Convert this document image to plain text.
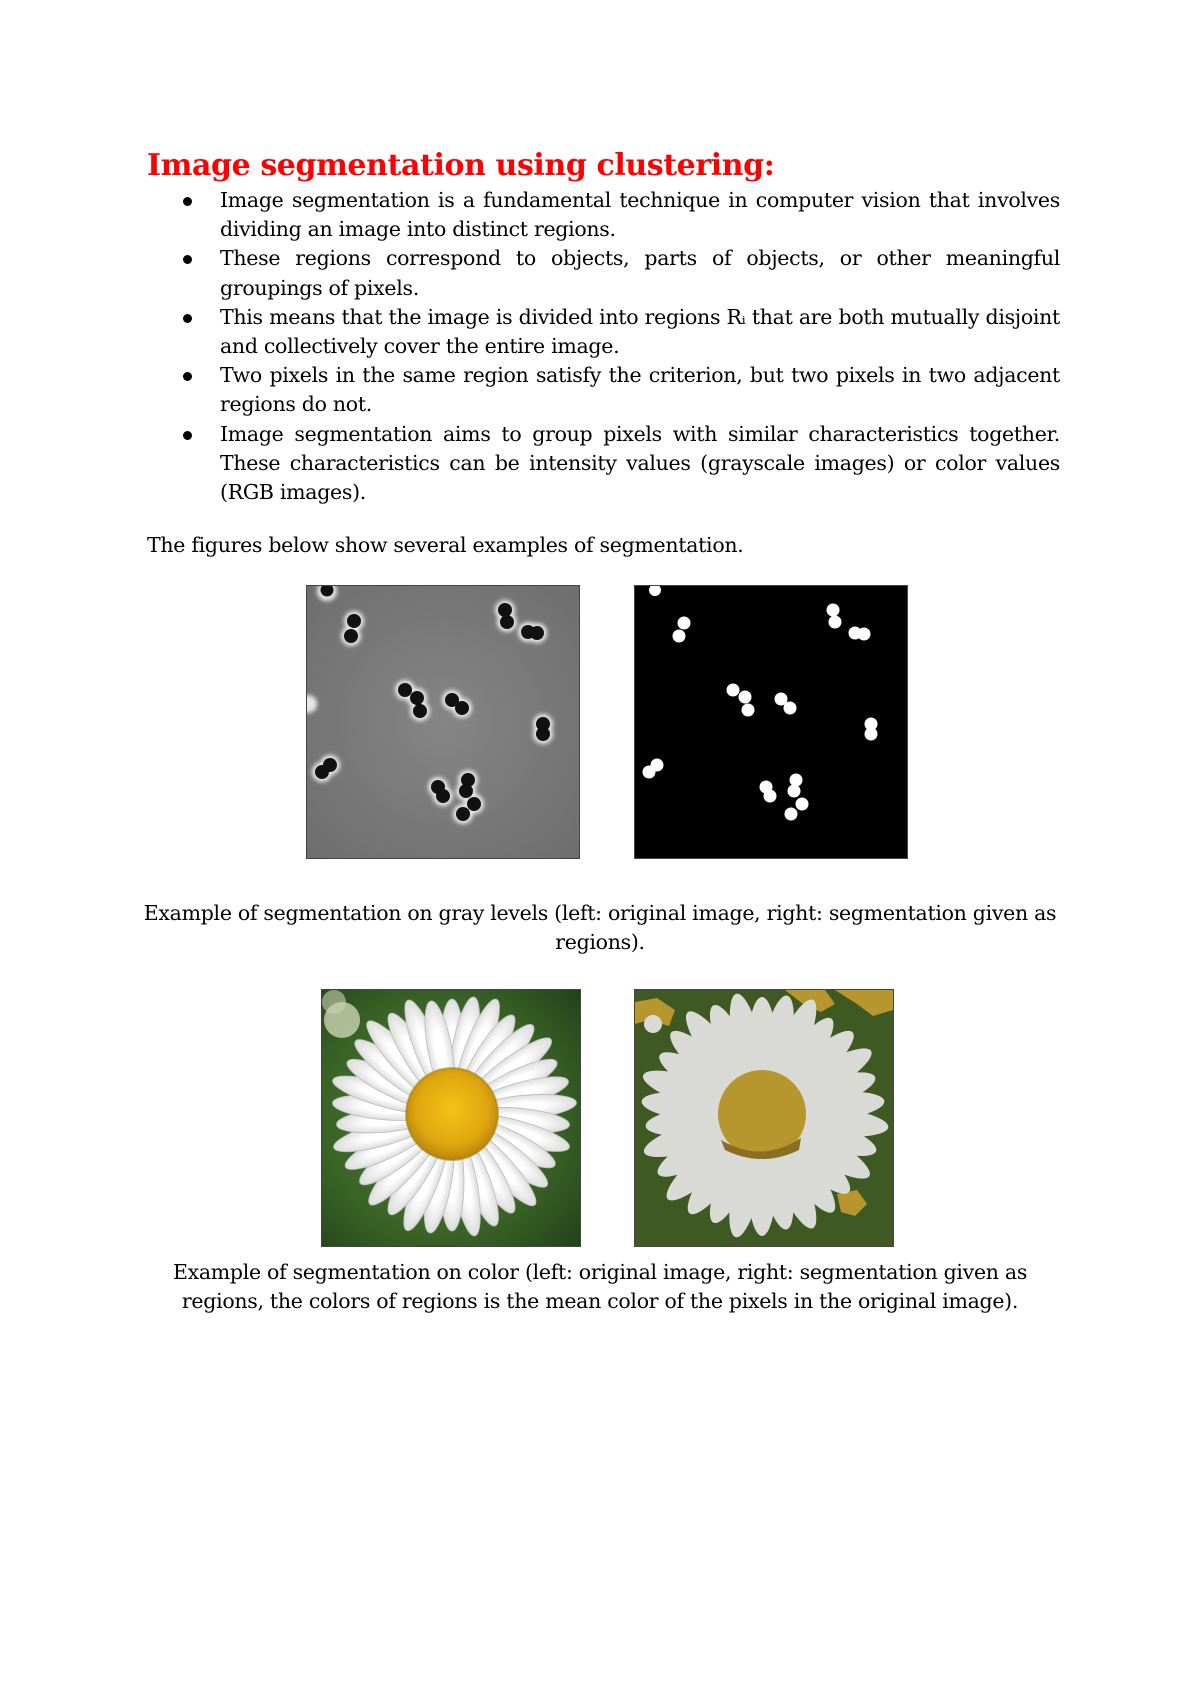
Image segmentation using clustering:
Image segmentation is a fundamental technique in computer vision that involves dividing an image into distinct regions.
These regions correspond to objects, parts of objects, or other meaningful groupings of pixels.
This means that the image is divided into regions Rᵢ that are both mutually disjoint and collectively cover the entire image.
Two pixels in the same region satisfy the criterion, but two pixels in two adjacent regions do not.
Image segmentation aims to group pixels with similar characteristics together. These characteristics can be intensity values (grayscale images) or color values (RGB images).

The figures below show several examples of segmentation.

Example of segmentation on gray levels (left: original image, right: segmentation given as regions).

Example of segmentation on color (left: original image, right: segmentation given as regions, the colors of regions is the mean color of the pixels in the original image).
